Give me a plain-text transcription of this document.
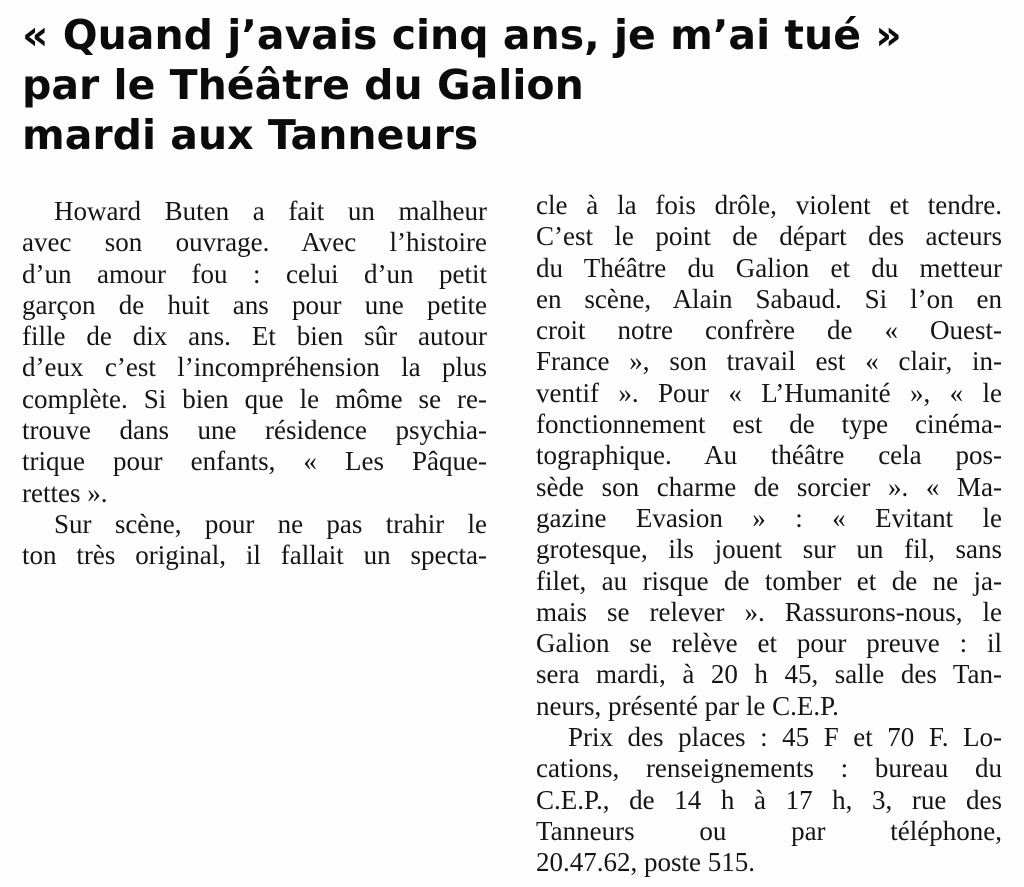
« Quand j’avais cinq ans, je m’ai tué »
par le Théâtre du Galion
mardi aux Tanneurs
Howard Buten a fait un malheur
avec son ouvrage. Avec l’histoire
d’un amour fou : celui d’un petit
garçon de huit ans pour une petite
fille de dix ans. Et bien sûr autour
d’eux c’est l’incompréhension la plus
complète. Si bien que le môme se re-
trouve dans une résidence psychia-
trique pour enfants, « Les Pâque-
rettes ».
Sur scène, pour ne pas trahir le
ton très original, il fallait un specta-
cle à la fois drôle, violent et tendre.
C’est le point de départ des acteurs
du Théâtre du Galion et du metteur
en scène, Alain Sabaud. Si l’on en
croit notre confrère de « Ouest-
France », son travail est « clair, in-
ventif ». Pour « L’Humanité », « le
fonctionnement est de type cinéma-
tographique. Au théâtre cela pos-
sède son charme de sorcier ». « Ma-
gazine Evasion » : « Evitant le
grotesque, ils jouent sur un fil, sans
filet, au risque de tomber et de ne ja-
mais se relever ». Rassurons-nous, le
Galion se relève et pour preuve : il
sera mardi, à 20 h 45, salle des Tan-
neurs, présenté par le C.E.P.
Prix des places : 45 F et 70 F. Lo-
cations, renseignements : bureau du
C.E.P., de 14 h à 17 h, 3, rue des
Tanneurs ou par téléphone,
20.47.62, poste 515.
